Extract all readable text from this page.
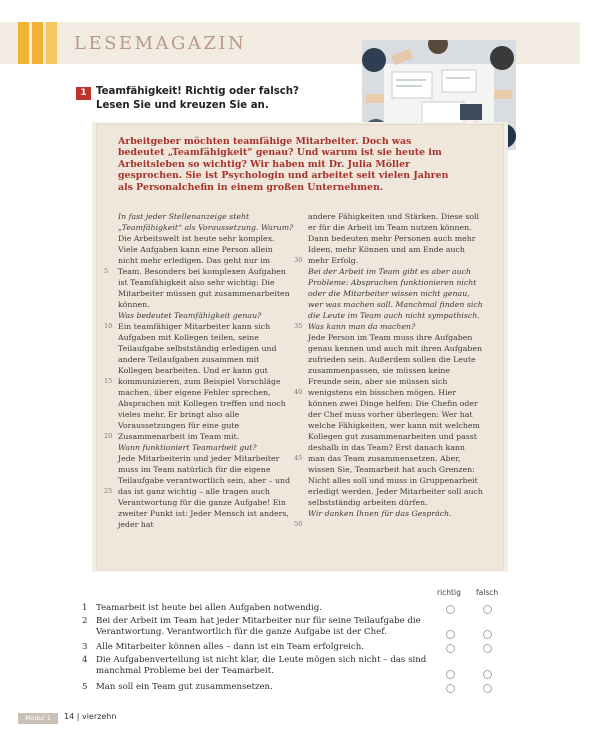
LESEMAGAZIN
1 Teamfähigkeit! Richtig oder falsch?
Lesen Sie und kreuzen Sie an.
Arbeitgeber möchten teamfähige Mitarbeiter. Doch was bedeutet „Teamfähigkeit“ genau? Und warum ist sie heute im Arbeitsleben so wichtig? Wir haben mit Dr. Julia Möller gesprochen. Sie ist Psychologin und arbeitet seit vielen Jahren als Personalchefin in einem großen Unternehmen.
5
10
15
20
25

In fast jeder Stellenanzeige steht „Teamfähigkeit“ als Voraussetzung. Warum?

Die Arbeitswelt ist heute sehr komplex. Viele Aufgaben kann eine Person allein nicht mehr erledigen. Das geht nur im Team. Besonders bei komplexen Aufgaben ist Teamfähigkeit also sehr wichtig: Die Mitarbeiter müssen gut zusammenarbeiten können.

Was bedeutet Teamfähigkeit genau?

Ein teamfähiger Mitarbeiter kann sich Aufgaben mit Kollegen teilen, seine Teilaufgabe selbstständig erledigen und andere Teilaufgaben zusammen mit Kollegen bearbeiten. Und er kann gut kommunizieren, zum Beispiel Vorschläge machen, über eigene Fehler sprechen, Absprachen mit Kollegen treffen und noch vieles mehr. Er bringt also alle Voraussetzungen für eine gute Zusammenarbeit im Team mit.

Wann funktioniert Teamarbeit gut?

Jede Mitarbeiterin und jeder Mitarbeiter muss im Team natürlich für die eigene Teilaufgabe verantwortlich sein, aber – und das ist ganz wichtig – alle tragen auch Verantwortung für die ganze Aufgabe! Ein zweiter Punkt ist: Jeder Mensch ist anders, jeder hat

30
35
40
45
50

andere Fähigkeiten und Stärken. Diese soll er für die Arbeit im Team nutzen können. Dann bedeuten mehr Personen auch mehr Ideen, mehr Können und am Ende auch mehr Erfolg.

Bei der Arbeit im Team gibt es aber auch Probleme: Absprachen funktionieren nicht oder die Mitarbeiter wissen nicht genau, wer was machen soll. Manchmal finden sich die Leute im Team auch nicht sympathisch. Was kann man da machen?

Jede Person im Team muss ihre Aufgaben genau kennen und auch mit ihren Aufgaben zufrieden sein. Außerdem sollen die Leute zusammenpassen, sie müssen keine Freunde sein, aber sie müssen sich wenigstens ein bisschen mögen. Hier können zwei Dinge helfen: Die Chefin oder der Chef muss vorher überlegen: Wer hat welche Fähigkeiten, wer kann mit welchem Kollegen gut zusammenarbeiten und passt deshalb in das Team? Erst danach kann man das Team zusammensetzen. Aber, wissen Sie, Teamarbeit hat auch Grenzen: Nicht alles soll und muss in Gruppenarbeit erledigt werden. Jeder Mitarbeiter soll auch selbstständig arbeiten dürfen.

Wir danken Ihnen für das Gespräch.

richtig falsch
1 Teamarbeit ist heute bei allen Aufgaben notwendig.
2 Bei der Arbeit im Team hat jeder Mitarbeiter nur für seine Teilaufgabe die Verantwortung. Verantwortlich für die ganze Aufgabe ist der Chef.
3 Alle Mitarbeiter können alles – dann ist ein Team erfolgreich.
4 Die Aufgabenverteilung ist nicht klar, die Leute mögen sich nicht – das sind manchmal Probleme bei der Teamarbeit.
5 Man soll ein Team gut zusammensetzen.
Modul 1	14 | vierzehn
